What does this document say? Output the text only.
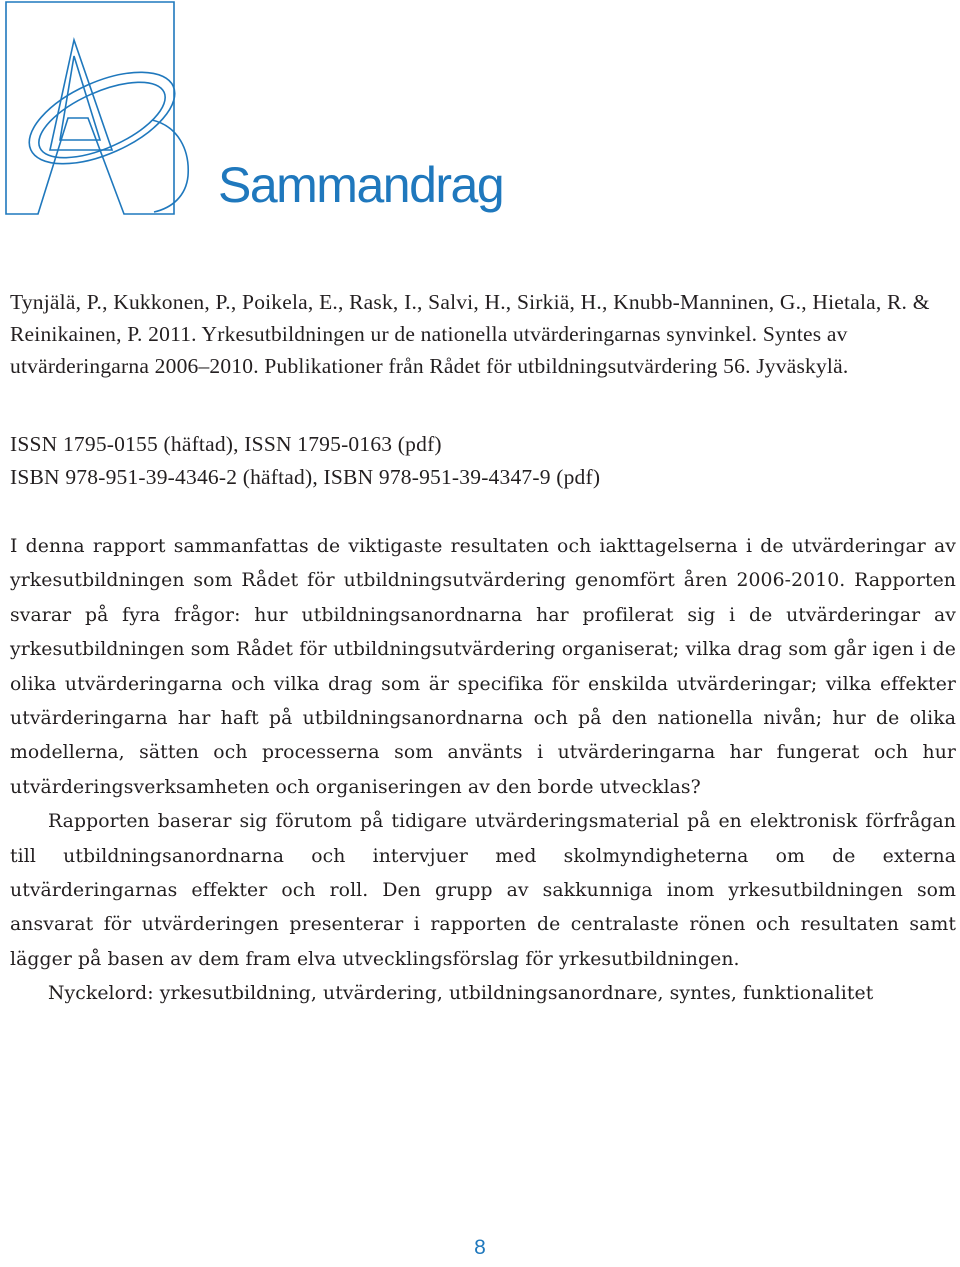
Sammandrag

Tynjälä, P., Kukkonen, P., Poikela, E., Rask, I., Salvi, H., Sirkiä, H., Knubb-Manninen, G., Hietala, R. & Reinikainen, P. 2011. Yrkesutbildningen ur de nationella utvärderingarnas synvinkel. Syntes av utvärderingarna 2006–2010. Publikationer från Rådet för utbildningsutvärdering 56. Jyväskylä.

ISSN 1795-0155 (häftad), ISSN 1795-0163 (pdf)
ISBN 978-951-39-4346-2 (häftad), ISBN 978-951-39-4347-9 (pdf)

I denna rapport sammanfattas de viktigaste resultaten och iakttagelserna i de utvärderingar av yrkesutbildningen som Rådet för utbildningsutvärdering genomfört åren 2006-2010. Rapporten svarar på fyra frågor: hur utbildningsanordnarna har profilerat sig i de utvärderingar av yrkesutbildningen som Rådet för utbildningsutvärdering organiserat; vilka drag som går igen i de olika utvärderingarna och vilka drag som är specifika för enskilda utvärderingar; vilka effekter utvärderingarna har haft på utbildningsanordnarna och på den nationella nivån; hur de olika modellerna, sätten och processerna som använts i utvärderingarna har fungerat och hur utvärderingsverksamheten och organiseringen av den borde utvecklas?

Rapporten baserar sig förutom på tidigare utvärderingsmaterial på en elektronisk förfrågan till utbildningsanordnarna och intervjuer med skolmyndigheterna om de externa utvärderingarnas effekter och roll. Den grupp av sakkunniga inom yrkesutbildningen som ansvarat för utvärderingen presenterar i rapporten de centralaste rönen och resultaten samt lägger på basen av dem fram elva utvecklingsförslag för yrkesutbildningen.

Nyckelord: yrkesutbildning, utvärdering, utbildningsanordnare, syntes, funktionalitet

8
